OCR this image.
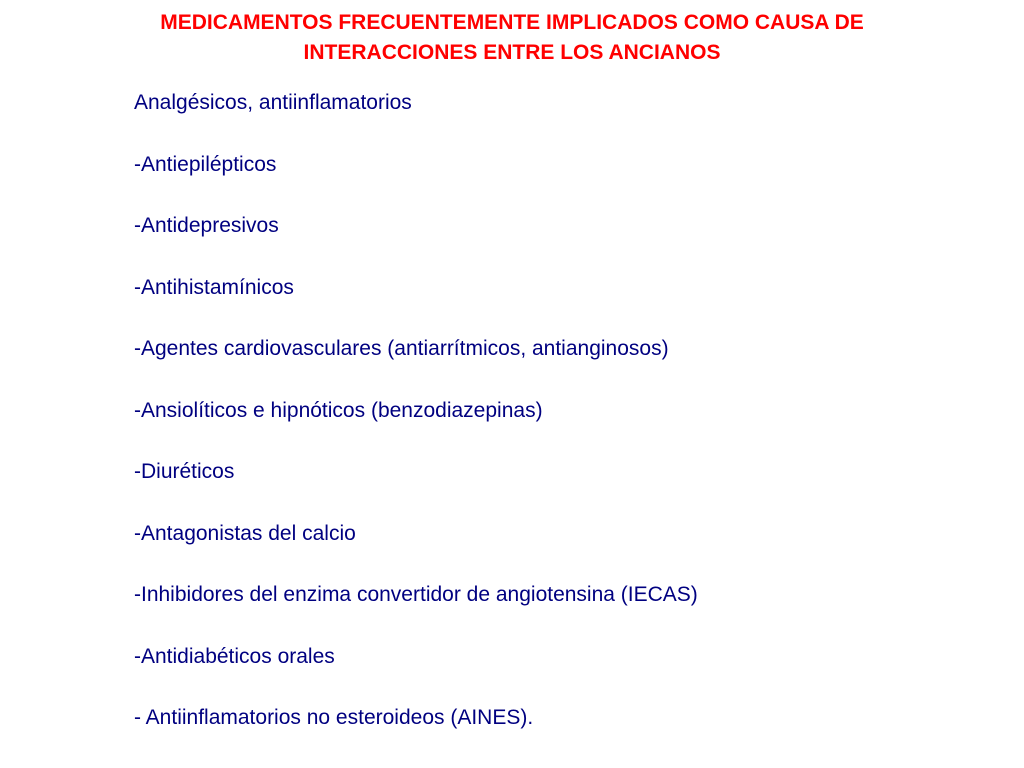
MEDICAMENTOS FRECUENTEMENTE IMPLICADOS COMO CAUSA DE
INTERACCIONES ENTRE LOS ANCIANOS
Analgésicos, antiinflamatorios
-Antiepilépticos
-Antidepresivos
-Antihistamínicos
-Agentes cardiovasculares (antiarrítmicos, antianginosos)
-Ansiolíticos e hipnóticos (benzodiazepinas)
-Diuréticos
-Antagonistas del calcio
-Inhibidores del enzima convertidor de angiotensina (IECAS)
-Antidiabéticos orales
- Antiinflamatorios no esteroideos (AINES).
